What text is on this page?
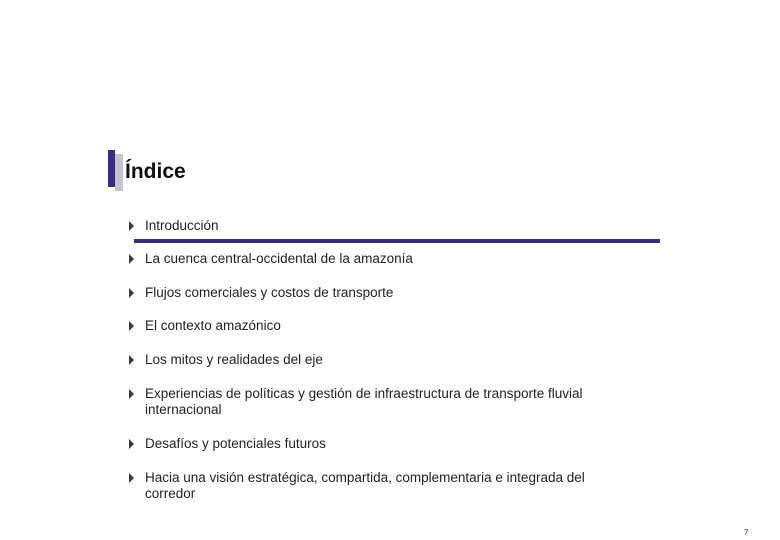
Índice
Introducción
La cuenca central-occidental de la amazonía
Flujos comerciales y costos de transporte
El contexto amazónico
Los mitos y realidades del eje
Experiencias de políticas y gestión de infraestructura de transporte fluvial internacional
Desafíos y potenciales futuros
Hacia una visión estratégica, compartida, complementaria e integrada del corredor
7
